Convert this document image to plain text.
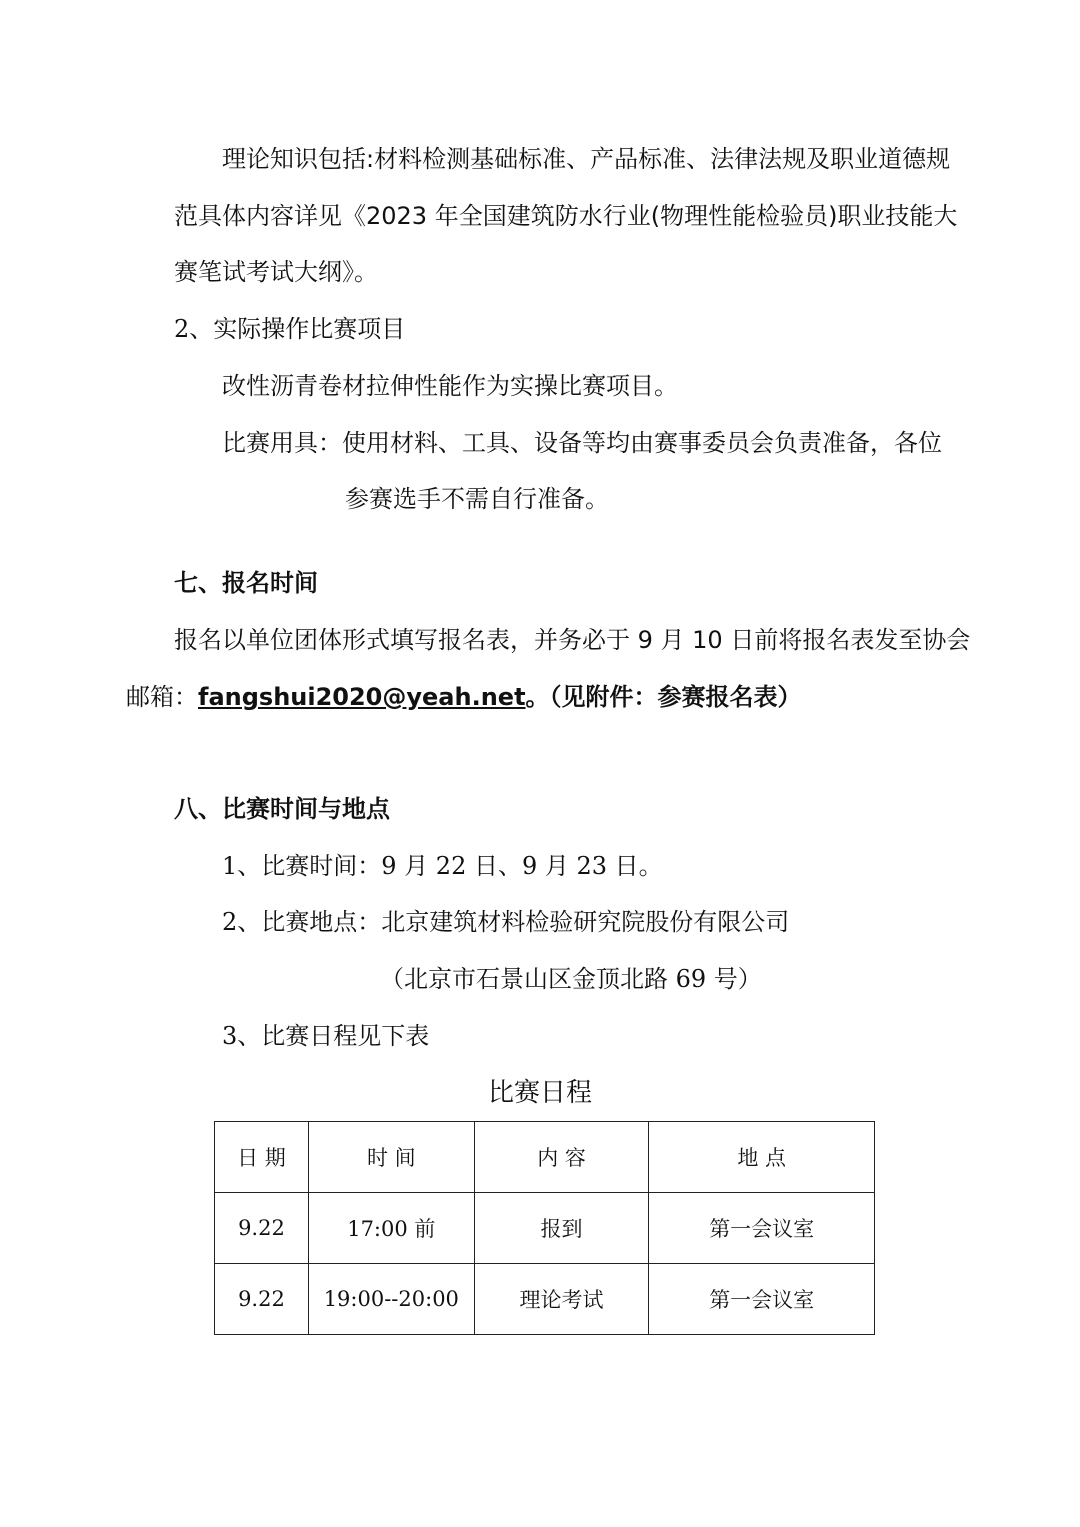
理论知识包括:材料检测基础标准、产品标准、法律法规及职业道德规
范具体内容详见《2023 年全国建筑防水行业(物理性能检验员)职业技能大
赛笔试考试大纲》。
2、实际操作比赛项目
改性沥青卷材拉伸性能作为实操比赛项目。
比赛用具：使用材料、工具、设备等均由赛事委员会负责准备，各位
参赛选手不需自行准备。
七、报名时间
报名以单位团体形式填写报名表，并务必于 9 月 10 日前将报名表发至协会
邮箱：fangshui2020@yeah.net。（见附件：参赛报名表）
八、比赛时间与地点
1、比赛时间：9 月 22 日、9 月 23 日。
2、比赛地点：北京建筑材料检验研究院股份有限公司
（北京市石景山区金顶北路 69 号）
3、比赛日程见下表
比赛日程
日 期	时 间	内 容	地 点
9.22	17:00 前	报到	第一会议室
9.22	19:00--20:00	理论考试	第一会议室
